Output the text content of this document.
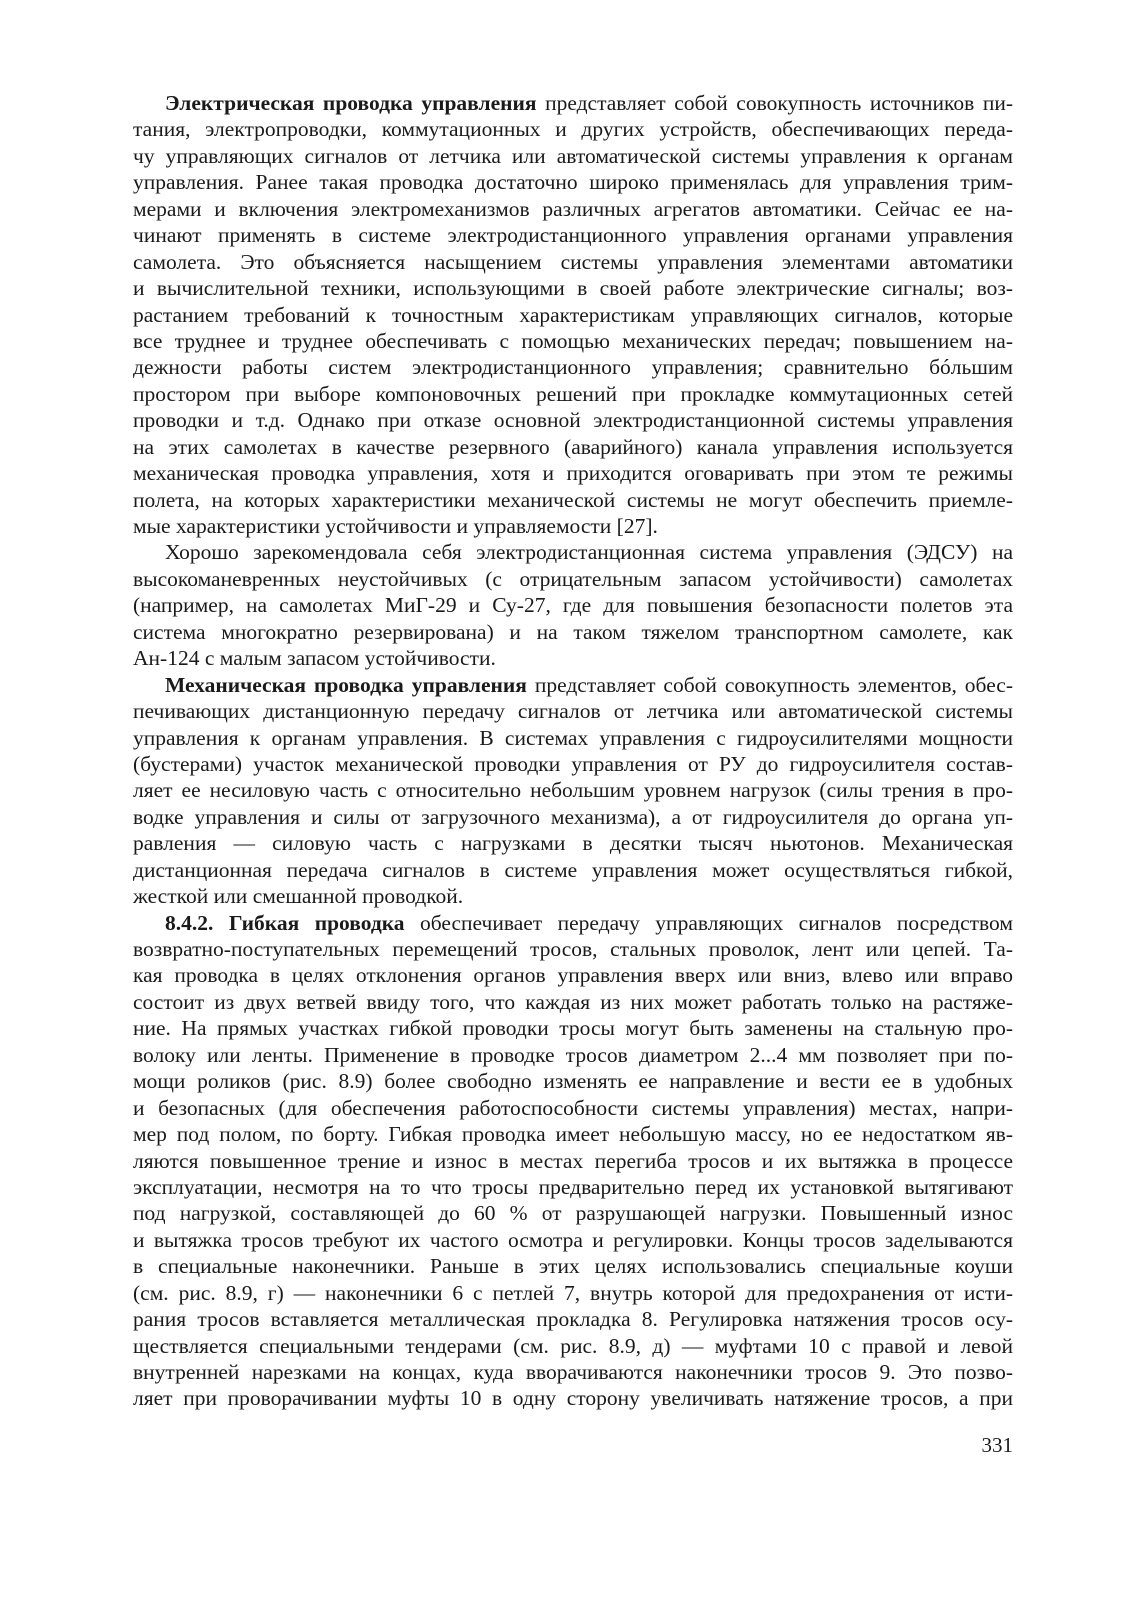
Электрическая проводка управления представляет собой совокупность источников пи-
тания, электропроводки, коммутационных и других устройств, обеспечивающих переда-
чу управляющих сигналов от летчика или автоматической системы управления к органам
управления. Ранее такая проводка достаточно широко применялась для управления трим-
мерами и включения электромеханизмов различных агрегатов автоматики. Сейчас ее на-
чинают применять в системе электродистанционного управления органами управления
самолета. Это объясняется насыщением системы управления элементами автоматики
и вычислительной техники, использующими в своей работе электрические сигналы; воз-
растанием требований к точностным характеристикам управляющих сигналов, которые
все труднее и труднее обеспечивать с помощью механических передач; повышением на-
дежности работы систем электродистанционного управления; сравнительно бóльшим
простором при выборе компоновочных решений при прокладке коммутационных сетей
проводки и т.д. Однако при отказе основной электродистанционной системы управления
на этих самолетах в качестве резервного (аварийного) канала управления используется
механическая проводка управления, хотя и приходится оговаривать при этом те режимы
полета, на которых характеристики механической системы не могут обеспечить приемле-
мые характеристики устойчивости и управляемости [27].
Хорошо зарекомендовала себя электродистанционная система управления (ЭДСУ) на
высокоманевренных неустойчивых (с отрицательным запасом устойчивости) самолетах
(например, на самолетах МиГ-29 и Су-27, где для повышения безопасности полетов эта
система многократно резервирована) и на таком тяжелом транспортном самолете, как
Ан-124 с малым запасом устойчивости.
Механическая проводка управления представляет собой совокупность элементов, обес-
печивающих дистанционную передачу сигналов от летчика или автоматической системы
управления к органам управления. В системах управления с гидроусилителями мощности
(бустерами) участок механической проводки управления от РУ до гидроусилителя состав-
ляет ее несиловую часть с относительно небольшим уровнем нагрузок (силы трения в про-
водке управления и силы от загрузочного механизма), а от гидроусилителя до органа уп-
равления — силовую часть с нагрузками в десятки тысяч ньютонов. Механическая
дистанционная передача сигналов в системе управления может осуществляться гибкой,
жесткой или смешанной проводкой.
8.4.2. Гибкая проводка обеспечивает передачу управляющих сигналов посредством
возвратно-поступательных перемещений тросов, стальных проволок, лент или цепей. Та-
кая проводка в целях отклонения органов управления вверх или вниз, влево или вправо
состоит из двух ветвей ввиду того, что каждая из них может работать только на растяже-
ние. На прямых участках гибкой проводки тросы могут быть заменены на стальную про-
волоку или ленты. Применение в проводке тросов диаметром 2...4 мм позволяет при по-
мощи роликов (рис. 8.9) более свободно изменять ее направление и вести ее в удобных
и безопасных (для обеспечения работоспособности системы управления) местах, напри-
мер под полом, по борту. Гибкая проводка имеет небольшую массу, но ее недостатком яв-
ляются повышенное трение и износ в местах перегиба тросов и их вытяжка в процессе
эксплуатации, несмотря на то что тросы предварительно перед их установкой вытягивают
под нагрузкой, составляющей до 60 % от разрушающей нагрузки. Повышенный износ
и вытяжка тросов требуют их частого осмотра и регулировки. Концы тросов заделываются
в специальные наконечники. Раньше в этих целях использовались специальные коуши
(см. рис. 8.9, г) — наконечники 6 с петлей 7, внутрь которой для предохранения от исти-
рания тросов вставляется металлическая прокладка 8. Регулировка натяжения тросов осу-
ществляется специальными тендерами (см. рис. 8.9, д) — муфтами 10 с правой и левой
внутренней нарезками на концах, куда вворачиваются наконечники тросов 9. Это позво-
ляет при проворачивании муфты 10 в одну сторону увеличивать натяжение тросов, а при
331
